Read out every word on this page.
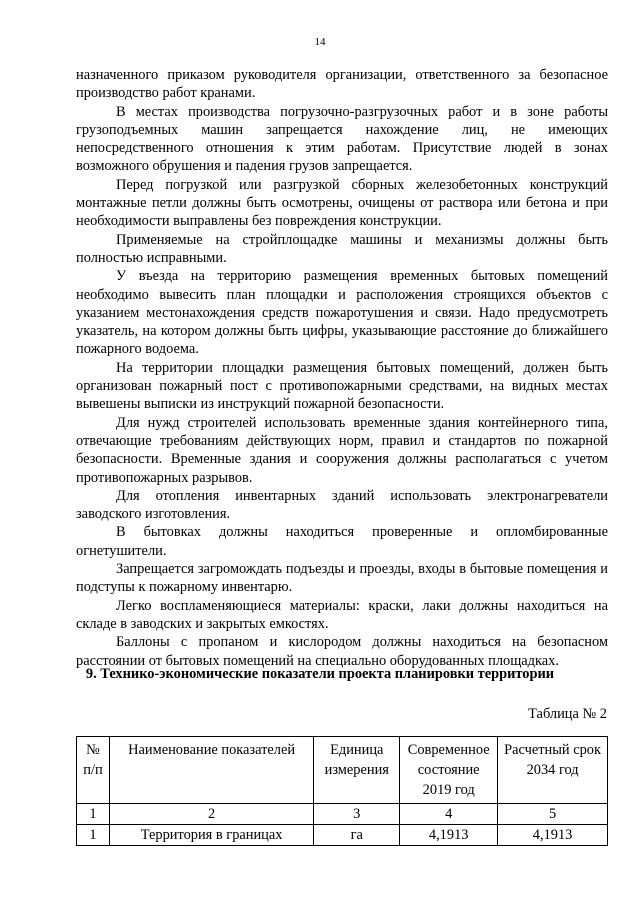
14

назначенного приказом руководителя организации, ответственного за безопасное производство работ кранами.

В местах производства погрузочно-разгрузочных работ и в зоне работы грузоподъемных машин запрещается нахождение лиц, не имеющих непосредственного отношения к этим работам. Присутствие людей в зонах возможного обрушения и падения грузов запрещается.

Перед погрузкой или разгрузкой сборных железобетонных конструкций монтажные петли должны быть осмотрены, очищены от раствора или бетона и при необходимости выправлены без повреждения конструкции.

Применяемые на стройплощадке машины и механизмы должны быть полностью исправными.

У въезда на территорию размещения временных бытовых помещений необходимо вывесить план площадки и расположения строящихся объектов с указанием местонахождения средств пожаротушения и связи. Надо предусмотреть указатель, на котором должны быть цифры, указывающие расстояние до ближайшего пожарного водоема.

На территории площадки размещения бытовых помещений, должен быть организован пожарный пост с противопожарными средствами, на видных местах вывешены выписки из инструкций пожарной безопасности.

Для нужд строителей использовать временные здания контейнерного типа, отвечающие требованиям действующих норм, правил и стандартов по пожарной безопасности. Временные здания и сооружения должны располагаться с учетом противопожарных разрывов.

Для отопления инвентарных зданий использовать электронагреватели заводского изготовления.

В бытовках должны находиться проверенные и опломбированные огнетушители.

Запрещается загромождать подъезды и проезды, входы в бытовые помещения и подступы к пожарному инвентарю.

Легко воспламеняющиеся материалы: краски, лаки должны находиться на складе в заводских и закрытых емкостях.

Баллоны с пропаном и кислородом должны находиться на безопасном расстоянии от бытовых помещений на специально оборудованных площадках.

9. Технико-экономические показатели проекта планировки территории
Таблица № 2
№ п/п	Наименование показателей	Единица измерения	Современное состояние 2019 год	Расчетный срок 2034 год
1	2	3	4	5
1	Территория в границах	га	4,1913	4,1913
